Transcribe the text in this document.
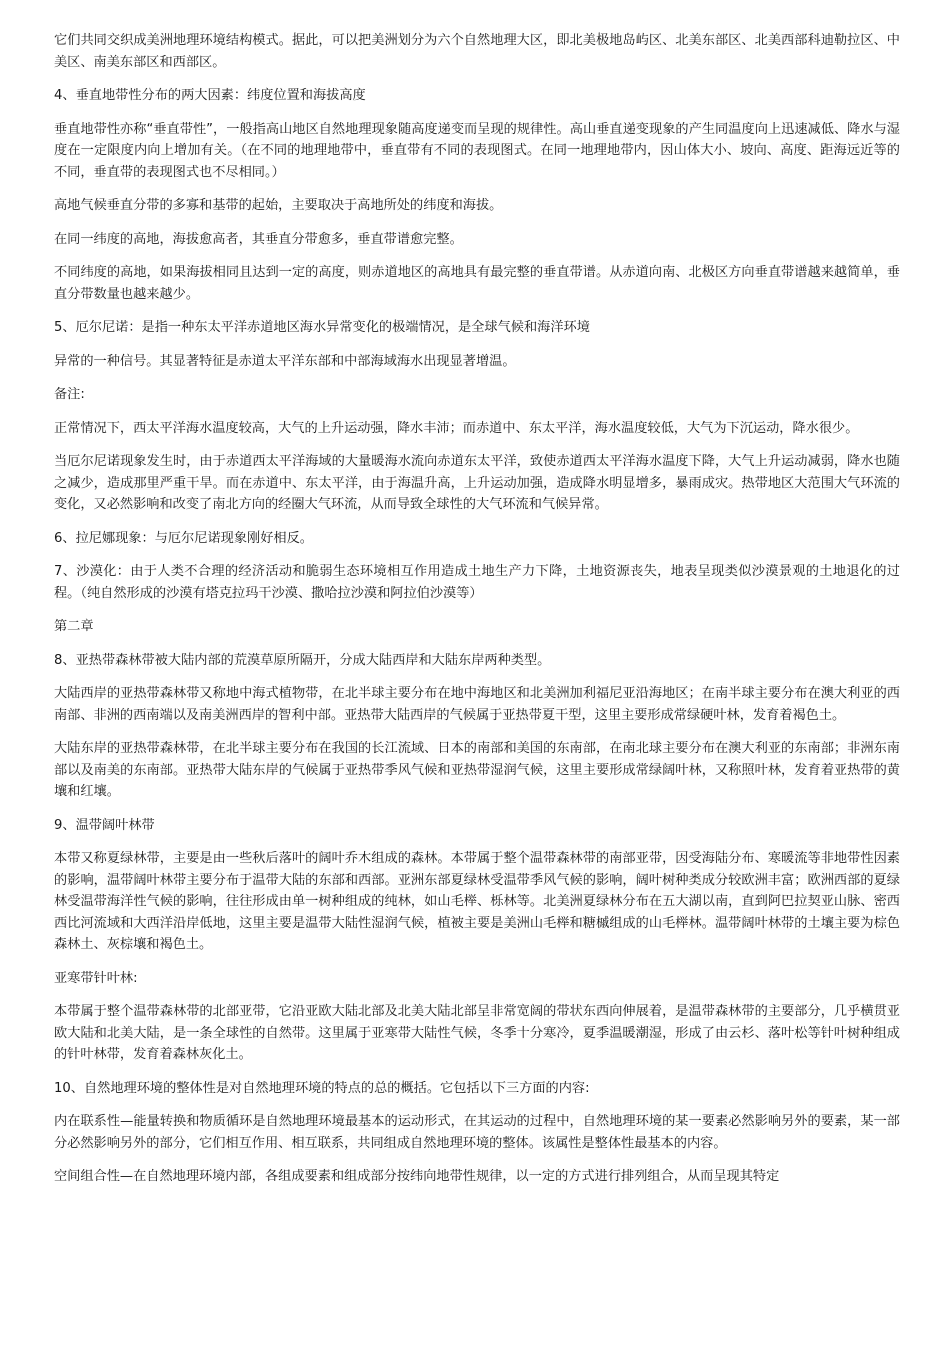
它们共同交织成美洲地理环境结构模式。据此，可以把美洲划分为六个自然地理大区，即北美极地岛屿区、北美东部区、北美西部科迪勒拉区、中美区、南美东部区和西部区。

4、垂直地带性分布的两大因素：纬度位置和海拔高度

垂直地带性亦称“垂直带性”，一般指高山地区自然地理现象随高度递变而呈现的规律性。高山垂直递变现象的产生同温度向上迅速减低、降水与湿度在一定限度内向上增加有关。（在不同的地理地带中，垂直带有不同的表现图式。在同一地理地带内，因山体大小、坡向、高度、距海远近等的不同，垂直带的表现图式也不尽相同。）

高地气候垂直分带的多寡和基带的起始，主要取决于高地所处的纬度和海拔。

在同一纬度的高地，海拔愈高者，其垂直分带愈多，垂直带谱愈完整。

不同纬度的高地，如果海拔相同且达到一定的高度，则赤道地区的高地具有最完整的垂直带谱。从赤道向南、北极区方向垂直带谱越来越简单，垂直分带数量也越来越少。

5、厄尔尼诺：是指一种东太平洋赤道地区海水异常变化的极端情况，是全球气候和海洋环境

异常的一种信号。其显著特征是赤道太平洋东部和中部海域海水出现显著增温。

备注:

正常情况下，西太平洋海水温度较高，大气的上升运动强，降水丰沛；而赤道中、东太平洋，海水温度较低，大气为下沉运动，降水很少。

当厄尔尼诺现象发生时，由于赤道西太平洋海域的大量暖海水流向赤道东太平洋，致使赤道西太平洋海水温度下降，大气上升运动减弱，降水也随之减少，造成那里严重干旱。而在赤道中、东太平洋，由于海温升高，上升运动加强，造成降水明显增多，暴雨成灾。热带地区大范围大气环流的变化，又必然影响和改变了南北方向的经圈大气环流，从而导致全球性的大气环流和气候异常。

6、拉尼娜现象：与厄尔尼诺现象刚好相反。

7、沙漠化：由于人类不合理的经济活动和脆弱生态环境相互作用造成土地生产力下降，土地资源丧失，地表呈现类似沙漠景观的土地退化的过程。（纯自然形成的沙漠有塔克拉玛干沙漠、撒哈拉沙漠和阿拉伯沙漠等）

第二章

8、亚热带森林带被大陆内部的荒漠草原所隔开，分成大陆西岸和大陆东岸两种类型。

大陆西岸的亚热带森林带又称地中海式植物带，在北半球主要分布在地中海地区和北美洲加利福尼亚沿海地区；在南半球主要分布在澳大利亚的西南部、非洲的西南端以及南美洲西岸的智利中部。亚热带大陆西岸的气候属于亚热带夏干型，这里主要形成常绿硬叶林，发育着褐色土。

大陆东岸的亚热带森林带，在北半球主要分布在我国的长江流域、日本的南部和美国的东南部，在南北球主要分布在澳大利亚的东南部；非洲东南部以及南美的东南部。亚热带大陆东岸的气候属于亚热带季风气候和亚热带湿润气候，这里主要形成常绿阔叶林，又称照叶林，发育着亚热带的黄壤和红壤。

9、温带阔叶林带

本带又称夏绿林带，主要是由一些秋后落叶的阔叶乔木组成的森林。本带属于整个温带森林带的南部亚带，因受海陆分布、寒暖流等非地带性因素的影响，温带阔叶林带主要分布于温带大陆的东部和西部。亚洲东部夏绿林受温带季风气候的影响，阔叶树种类成分较欧洲丰富；欧洲西部的夏绿林受温带海洋性气候的影响，往往形成由单一树种组成的纯林，如山毛榉、栎林等。北美洲夏绿林分布在五大湖以南，直到阿巴拉契亚山脉、密西西比河流域和大西洋沿岸低地，这里主要是温带大陆性湿润气候，植被主要是美洲山毛榉和糖槭组成的山毛榉林。温带阔叶林带的土壤主要为棕色森林土、灰棕壤和褐色土。

亚寒带针叶林:

本带属于整个温带森林带的北部亚带，它沿亚欧大陆北部及北美大陆北部呈非常宽阔的带状东西向伸展着，是温带森林带的主要部分，几乎横贯亚欧大陆和北美大陆，是一条全球性的自然带。这里属于亚寒带大陆性气候，冬季十分寒冷，夏季温暖潮湿，形成了由云杉、落叶松等针叶树种组成的针叶林带，发育着森林灰化土。

10、自然地理环境的整体性是对自然地理环境的特点的总的概括。它包括以下三方面的内容:

内在联系性—能量转换和物质循环是自然地理环境最基本的运动形式，在其运动的过程中，自然地理环境的某一要素必然影响另外的要素，某一部分必然影响另外的部分，它们相互作用、相互联系，共同组成自然地理环境的整体。该属性是整体性最基本的内容。

空间组合性—在自然地理环境内部，各组成要素和组成部分按纬向地带性规律，以一定的方式进行排列组合，从而呈现其特定
